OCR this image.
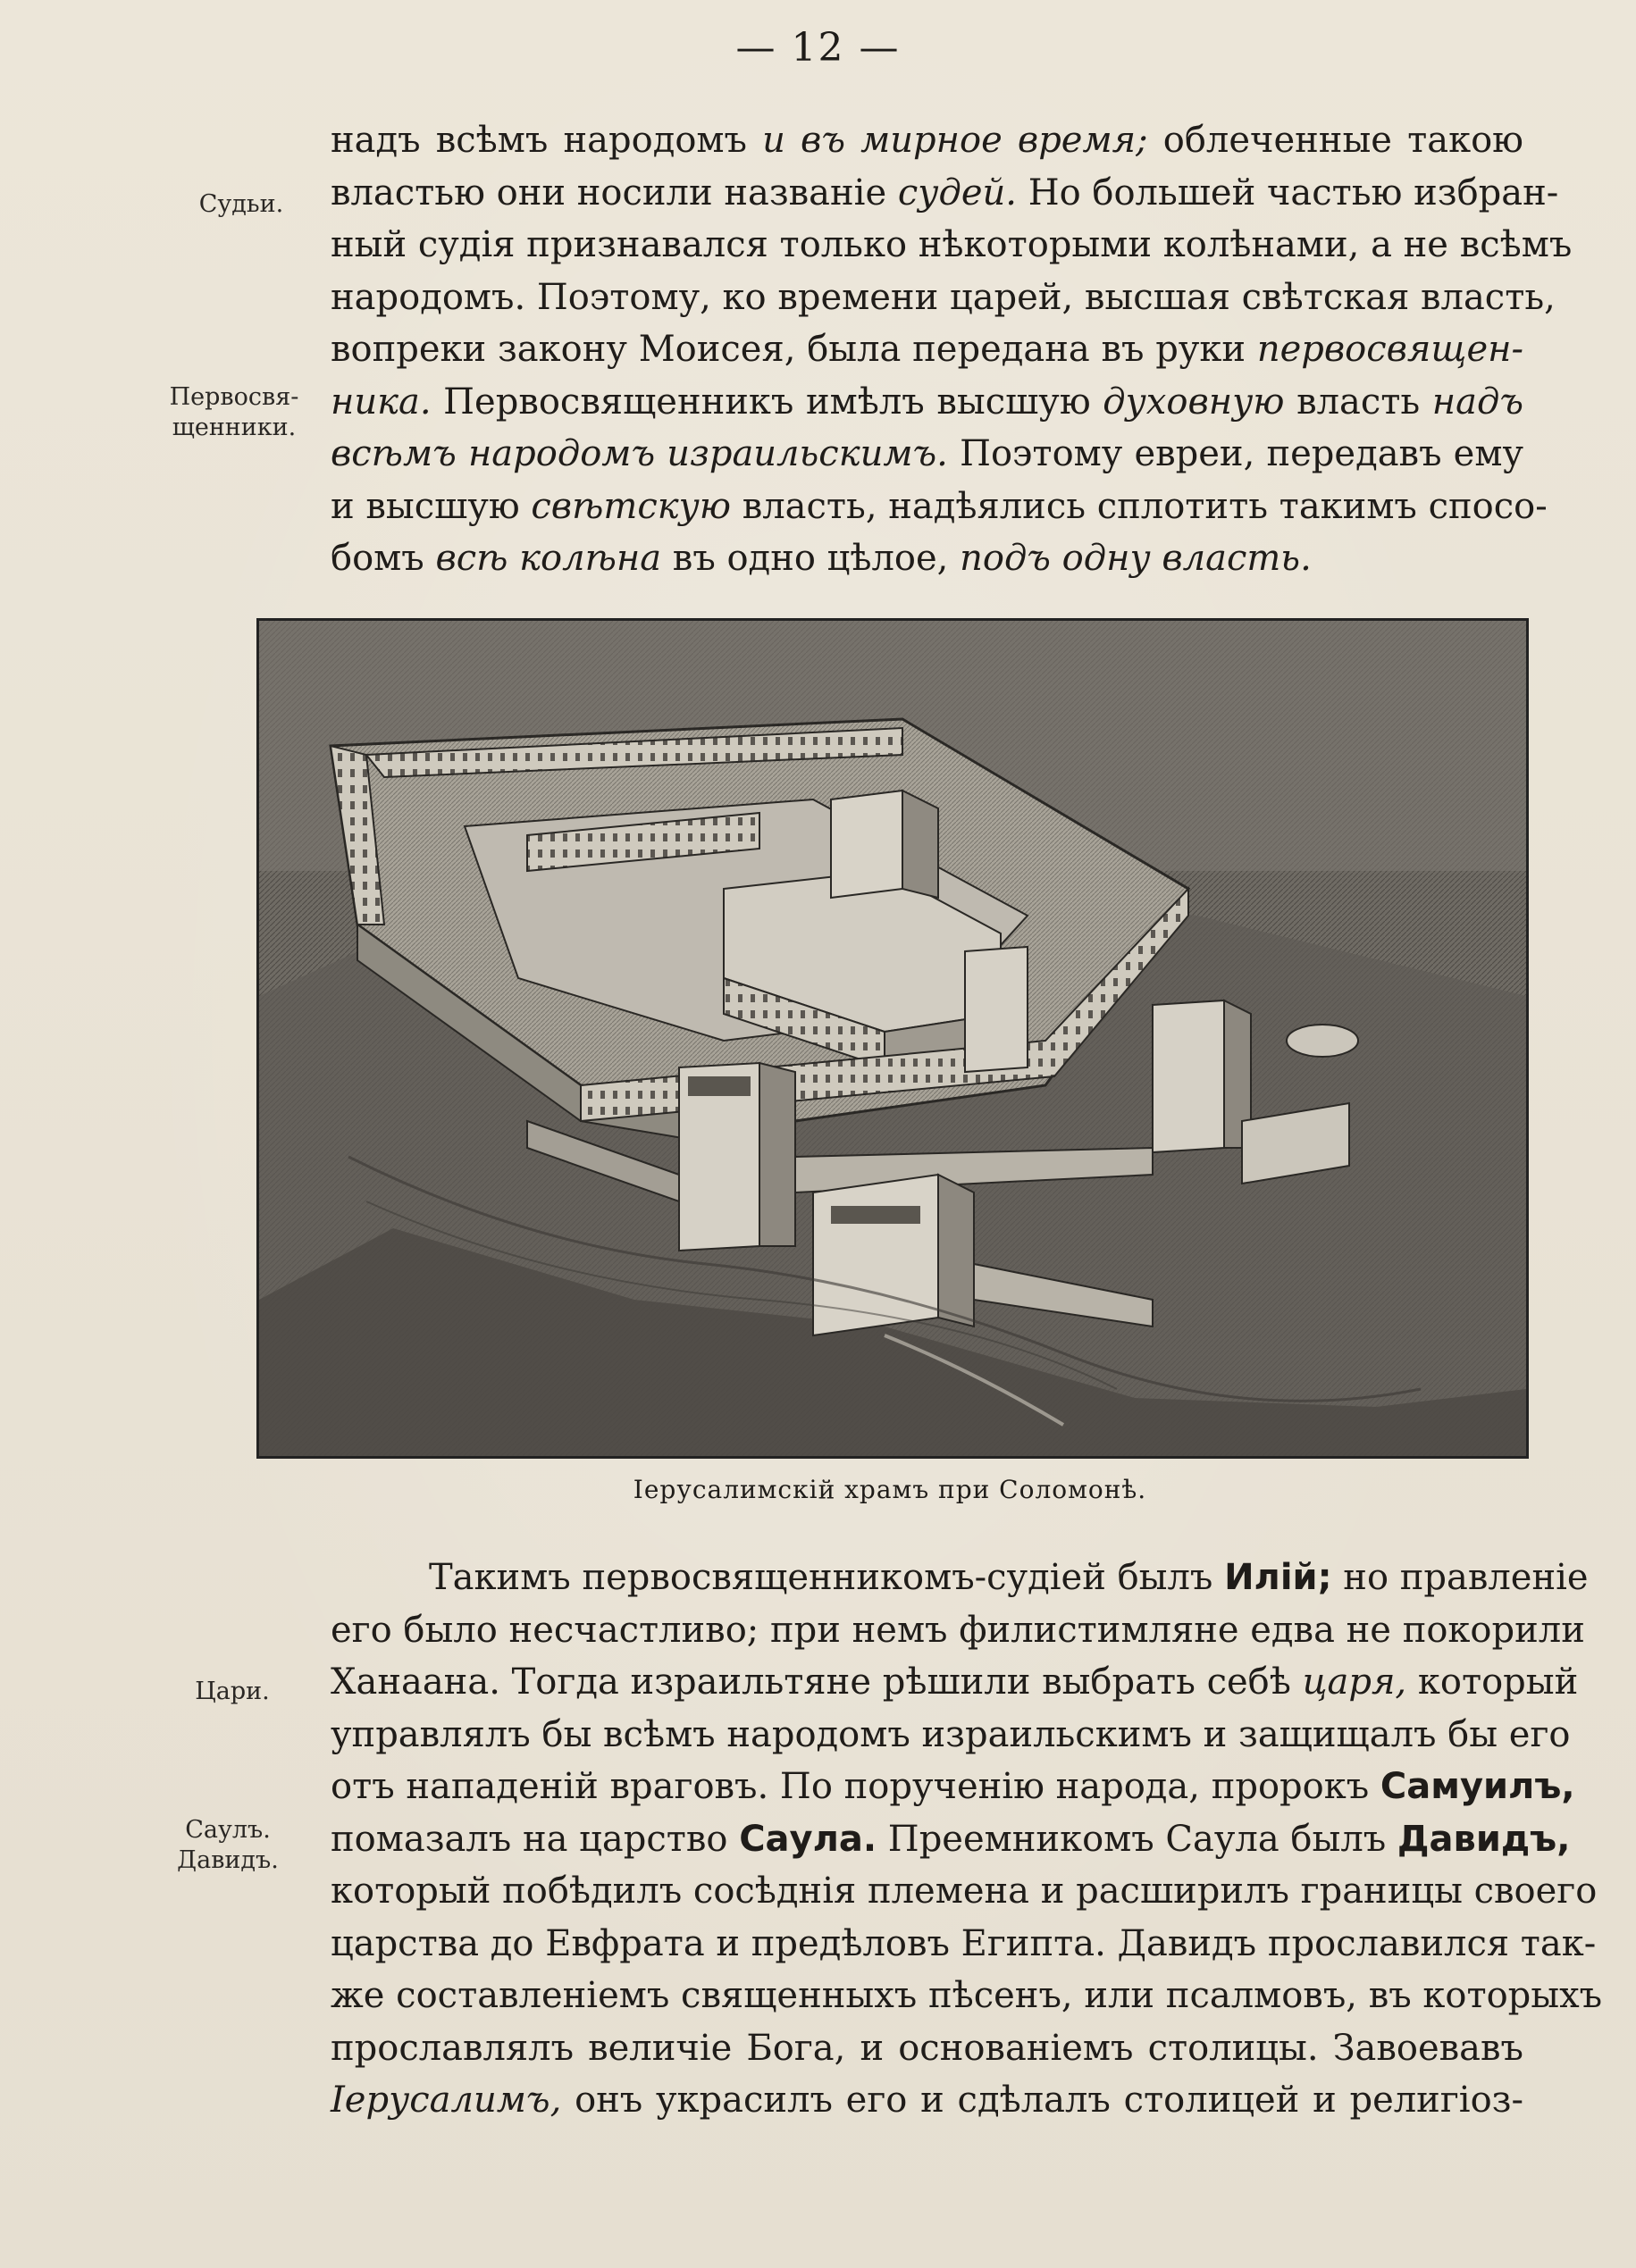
— 12 —
Судьи.
Первосвя-
щенники.
Цари.
Саулъ.
Давидъ.
надъ всѣмъ народомъ и въ мирное время; облеченные такою
властью они носили названіе судей. Но большей частью избран-
ный судія признавался только нѣкоторыми колѣнами, а не всѣмъ
народомъ. Поэтому, ко времени царей, высшая свѣтская власть,
вопреки закону Моисея, была передана въ руки первосвящен-
ника. Первосвященникъ имѣлъ высшую духовную власть надъ
всѣмъ народомъ израильскимъ. Поэтому евреи, передавъ ему
и высшую свѣтскую власть, надѣялись сплотить такимъ спосо-
бомъ всѣ колѣна въ одно цѣлое, подъ одну власть.
Іерусалимскій храмъ при Соломонѣ.
Такимъ первосвященникомъ-судіей былъ Илій; но правленіе
его было несчастливо; при немъ филистимляне едва не покорили
Ханаана. Тогда израильтяне рѣшили выбрать себѣ царя, который
управлялъ бы всѣмъ народомъ израильскимъ и защищалъ бы его
отъ нападеній враговъ. По порученію народа, пророкъ Самуилъ,
помазалъ на царство Саула. Преемникомъ Саула былъ Давидъ,
который побѣдилъ сосѣднія племена и расширилъ границы своего
царства до Евфрата и предѣловъ Египта. Давидъ прославился так-
же составленіемъ священныхъ пѣсенъ, или псалмовъ, въ которыхъ
прославлялъ величіе Бога, и основаніемъ столицы. Завоевавъ
Іерусалимъ, онъ украсилъ его и сдѣлалъ столицей и религіоз-
